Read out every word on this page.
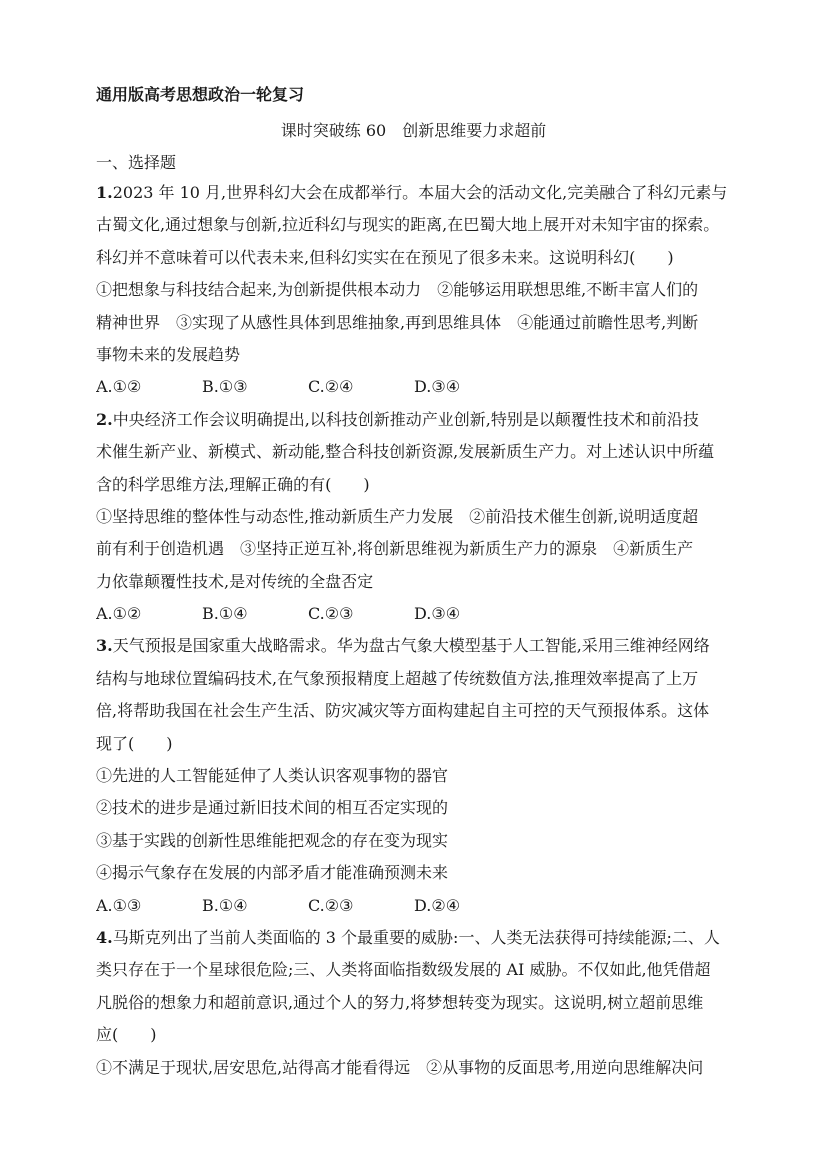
通用版高考思想政治一轮复习
课时突破练 60　创新思维要力求超前
一、选择题
1.2023 年 10 月,世界科幻大会在成都举行。本届大会的活动文化,完美融合了科幻元素与
古蜀文化,通过想象与创新,拉近科幻与现实的距离,在巴蜀大地上展开对未知宇宙的探索。
科幻并不意味着可以代表未来,但科幻实实在在预见了很多未来。这说明科幻(　　)
①把想象与科技结合起来,为创新提供根本动力　②能够运用联想思维,不断丰富人们的
精神世界　③实现了从感性具体到思维抽象,再到思维具体　④能通过前瞻性思考,判断
事物未来的发展趋势
A.①②	B.①③	C.②④	D.③④
2.中央经济工作会议明确提出,以科技创新推动产业创新,特别是以颠覆性技术和前沿技
术催生新产业、新模式、新动能,整合科技创新资源,发展新质生产力。对上述认识中所蕴
含的科学思维方法,理解正确的有(　　)
①坚持思维的整体性与动态性,推动新质生产力发展　②前沿技术催生创新,说明适度超
前有利于创造机遇　③坚持正逆互补,将创新思维视为新质生产力的源泉　④新质生产
力依靠颠覆性技术,是对传统的全盘否定
A.①②	B.①④	C.②③	D.③④
3.天气预报是国家重大战略需求。华为盘古气象大模型基于人工智能,采用三维神经网络
结构与地球位置编码技术,在气象预报精度上超越了传统数值方法,推理效率提高了上万
倍,将帮助我国在社会生产生活、防灾减灾等方面构建起自主可控的天气预报体系。这体
现了(　　)
①先进的人工智能延伸了人类认识客观事物的器官
②技术的进步是通过新旧技术间的相互否定实现的
③基于实践的创新性思维能把观念的存在变为现实
④揭示气象存在发展的内部矛盾才能准确预测未来
A.①③	B.①④	C.②③	D.②④
4.马斯克列出了当前人类面临的 3 个最重要的威胁:一、人类无法获得可持续能源;二、人
类只存在于一个星球很危险;三、人类将面临指数级发展的 AI 威胁。不仅如此,他凭借超
凡脱俗的想象力和超前意识,通过个人的努力,将梦想转变为现实。这说明,树立超前思维
应(　　)
①不满足于现状,居安思危,站得高才能看得远　②从事物的反面思考,用逆向思维解决问
